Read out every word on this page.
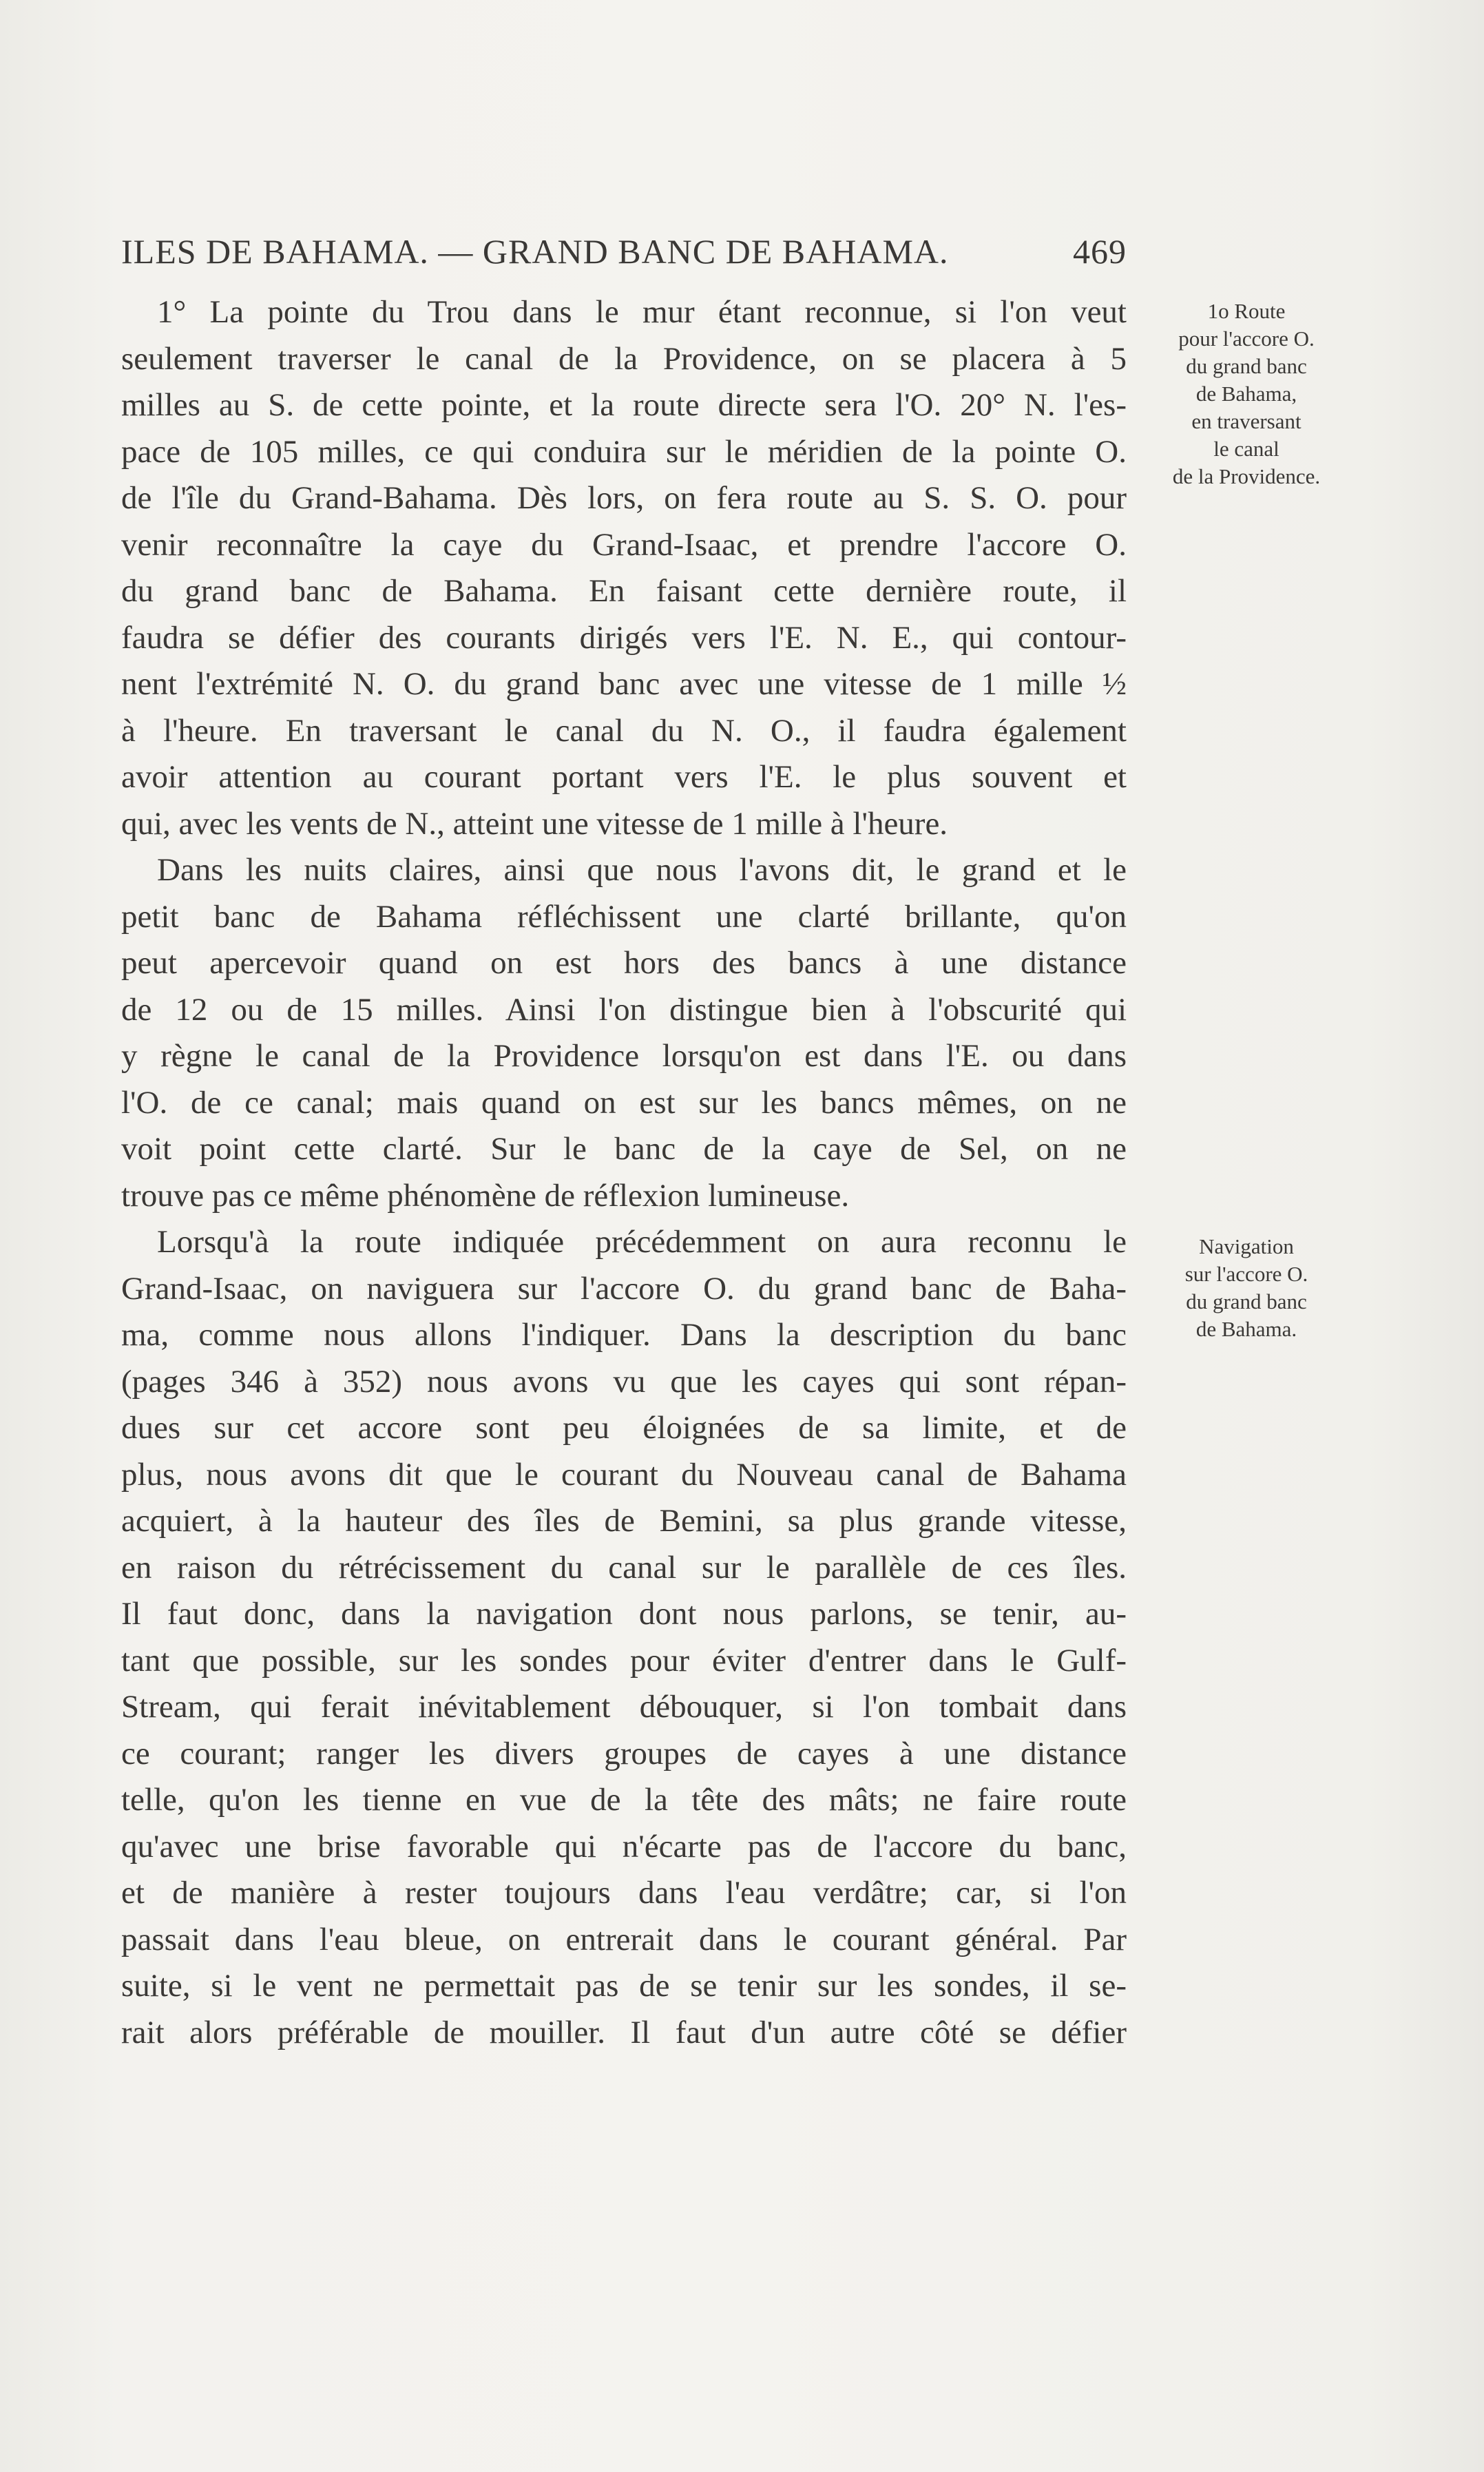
ILES DE BAHAMA. — GRAND BANC DE BAHAMA.	469
1° La pointe du Trou dans le mur étant reconnue, si l'on veut
seulement traverser le canal de la Providence, on se placera à 5
milles au S. de cette pointe, et la route directe sera l'O. 20° N. l'es-
pace de 105 milles, ce qui conduira sur le méridien de la pointe O.
de l'île du Grand-Bahama. Dès lors, on fera route au S. S. O. pour
venir reconnaître la caye du Grand-Isaac, et prendre l'accore O.
du grand banc de Bahama. En faisant cette dernière route, il
faudra se défier des courants dirigés vers l'E. N. E., qui contour-
nent l'extrémité N. O. du grand banc avec une vitesse de 1 mille ½
à l'heure. En traversant le canal du N. O., il faudra également
avoir attention au courant portant vers l'E. le plus souvent et
qui, avec les vents de N., atteint une vitesse de 1 mille à l'heure.
Dans les nuits claires, ainsi que nous l'avons dit, le grand et le
petit banc de Bahama réfléchissent une clarté brillante, qu'on
peut apercevoir quand on est hors des bancs à une distance
de 12 ou de 15 milles. Ainsi l'on distingue bien à l'obscurité qui
y règne le canal de la Providence lorsqu'on est dans l'E. ou dans
l'O. de ce canal; mais quand on est sur les bancs mêmes, on ne
voit point cette clarté. Sur le banc de la caye de Sel, on ne
trouve pas ce même phénomène de réflexion lumineuse.
Lorsqu'à la route indiquée précédemment on aura reconnu le
Grand-Isaac, on naviguera sur l'accore O. du grand banc de Baha-
ma, comme nous allons l'indiquer. Dans la description du banc
(pages 346 à 352) nous avons vu que les cayes qui sont répan-
dues sur cet accore sont peu éloignées de sa limite, et de
plus, nous avons dit que le courant du Nouveau canal de Bahama
acquiert, à la hauteur des îles de Bemini, sa plus grande vitesse,
en raison du rétrécissement du canal sur le parallèle de ces îles.
Il faut donc, dans la navigation dont nous parlons, se tenir, au-
tant que possible, sur les sondes pour éviter d'entrer dans le Gulf-
Stream, qui ferait inévitablement débouquer, si l'on tombait dans
ce courant; ranger les divers groupes de cayes à une distance
telle, qu'on les tienne en vue de la tête des mâts; ne faire route
qu'avec une brise favorable qui n'écarte pas de l'accore du banc,
et de manière à rester toujours dans l'eau verdâtre; car, si l'on
passait dans l'eau bleue, on entrerait dans le courant général. Par
suite, si le vent ne permettait pas de se tenir sur les sondes, il se-
rait alors préférable de mouiller. Il faut d'un autre côté se défier
1o Route
pour l'accore O.
du grand banc
de Bahama,
en traversant
le canal
de la Providence.
Navigation
sur l'accore O.
du grand banc
de Bahama.
